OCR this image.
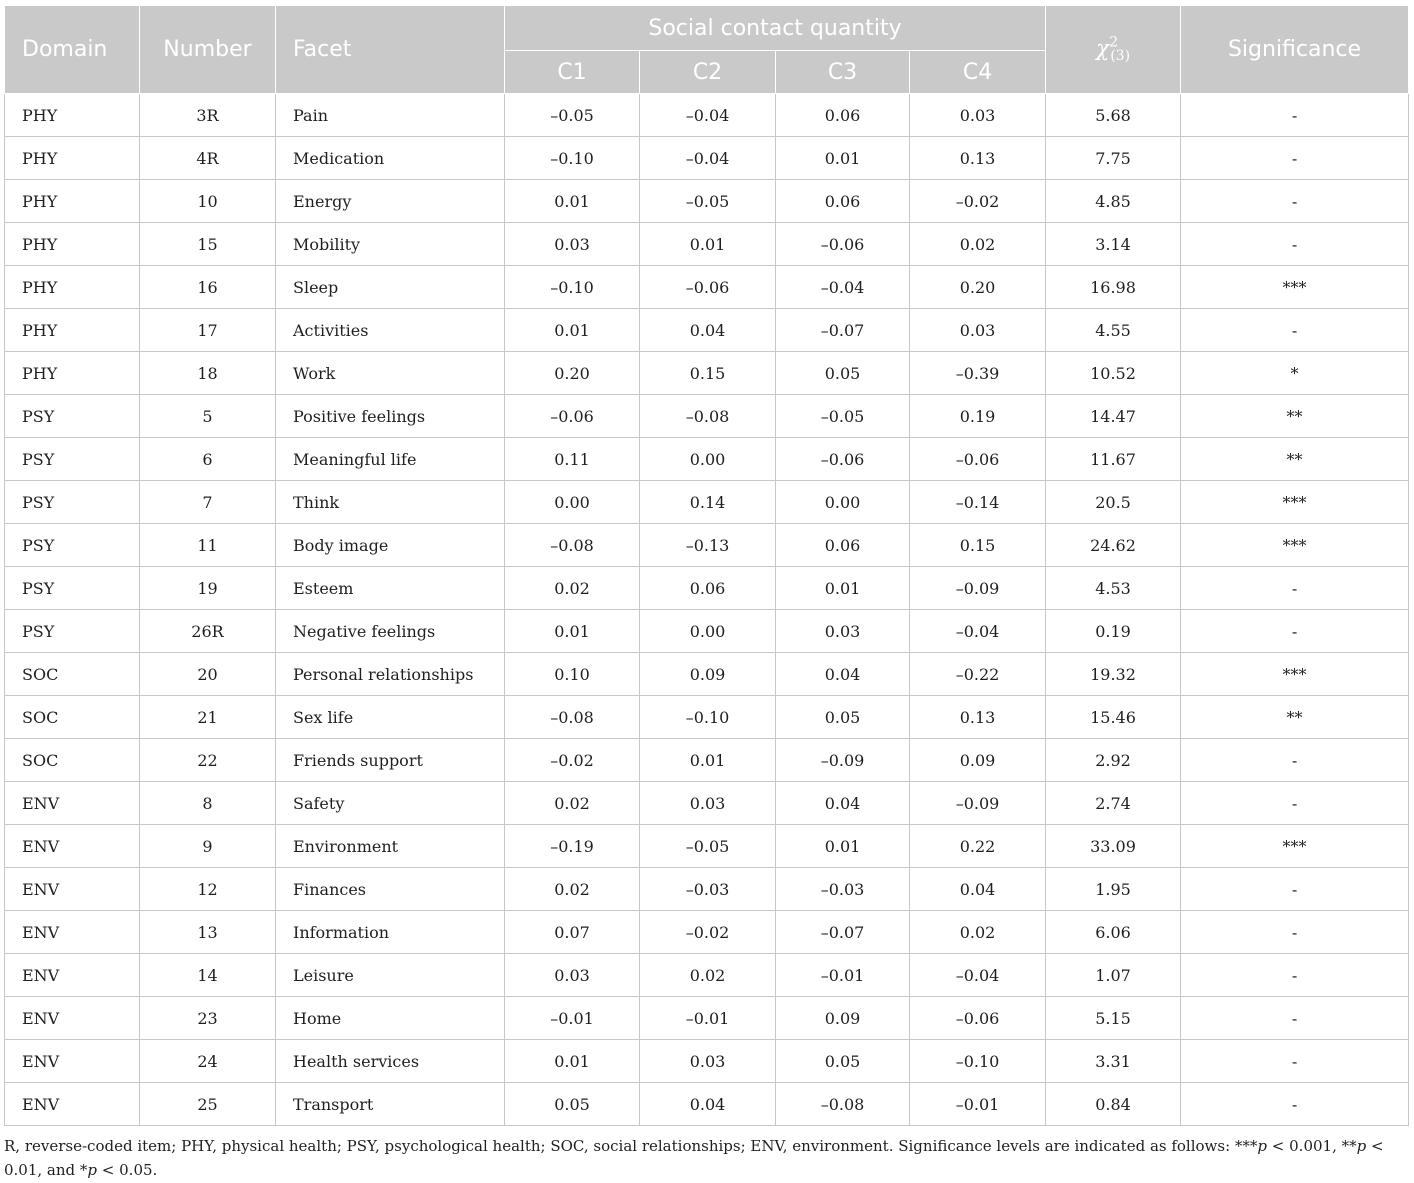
Domain	Number	Facet	Social contact quantity				$\chi^2_{(3)}$	Significance
			C1	C2	C3	C4		
PHY	3R	Pain	–0.05	–0.04	0.06	0.03	5.68	-
PHY	4R	Medication	–0.10	–0.04	0.01	0.13	7.75	-
PHY	10	Energy	0.01	–0.05	0.06	–0.02	4.85	-
PHY	15	Mobility	0.03	0.01	–0.06	0.02	3.14	-
PHY	16	Sleep	–0.10	–0.06	–0.04	0.20	16.98	***
PHY	17	Activities	0.01	0.04	–0.07	0.03	4.55	-
PHY	18	Work	0.20	0.15	0.05	–0.39	10.52	*
PSY	5	Positive feelings	–0.06	–0.08	–0.05	0.19	14.47	**
PSY	6	Meaningful life	0.11	0.00	–0.06	–0.06	11.67	**
PSY	7	Think	0.00	0.14	0.00	–0.14	20.5	***
PSY	11	Body image	–0.08	–0.13	0.06	0.15	24.62	***
PSY	19	Esteem	0.02	0.06	0.01	–0.09	4.53	-
PSY	26R	Negative feelings	0.01	0.00	0.03	–0.04	0.19	-
SOC	20	Personal relationships	0.10	0.09	0.04	–0.22	19.32	***
SOC	21	Sex life	–0.08	–0.10	0.05	0.13	15.46	**
SOC	22	Friends support	–0.02	0.01	–0.09	0.09	2.92	-
ENV	8	Safety	0.02	0.03	0.04	–0.09	2.74	-
ENV	9	Environment	–0.19	–0.05	0.01	0.22	33.09	***
ENV	12	Finances	0.02	–0.03	–0.03	0.04	1.95	-
ENV	13	Information	0.07	–0.02	–0.07	0.02	6.06	-
ENV	14	Leisure	0.03	0.02	–0.01	–0.04	1.07	-
ENV	23	Home	–0.01	–0.01	0.09	–0.06	5.15	-
ENV	24	Health services	0.01	0.03	0.05	–0.10	3.31	-
ENV	25	Transport	0.05	0.04	–0.08	–0.01	0.84	-
R, reverse-coded item; PHY, physical health; PSY, psychological health; SOC, social relationships; ENV, environment. Significance levels are indicated as follows: ***p < 0.001, **p < 0.01, and *p < 0.05.
